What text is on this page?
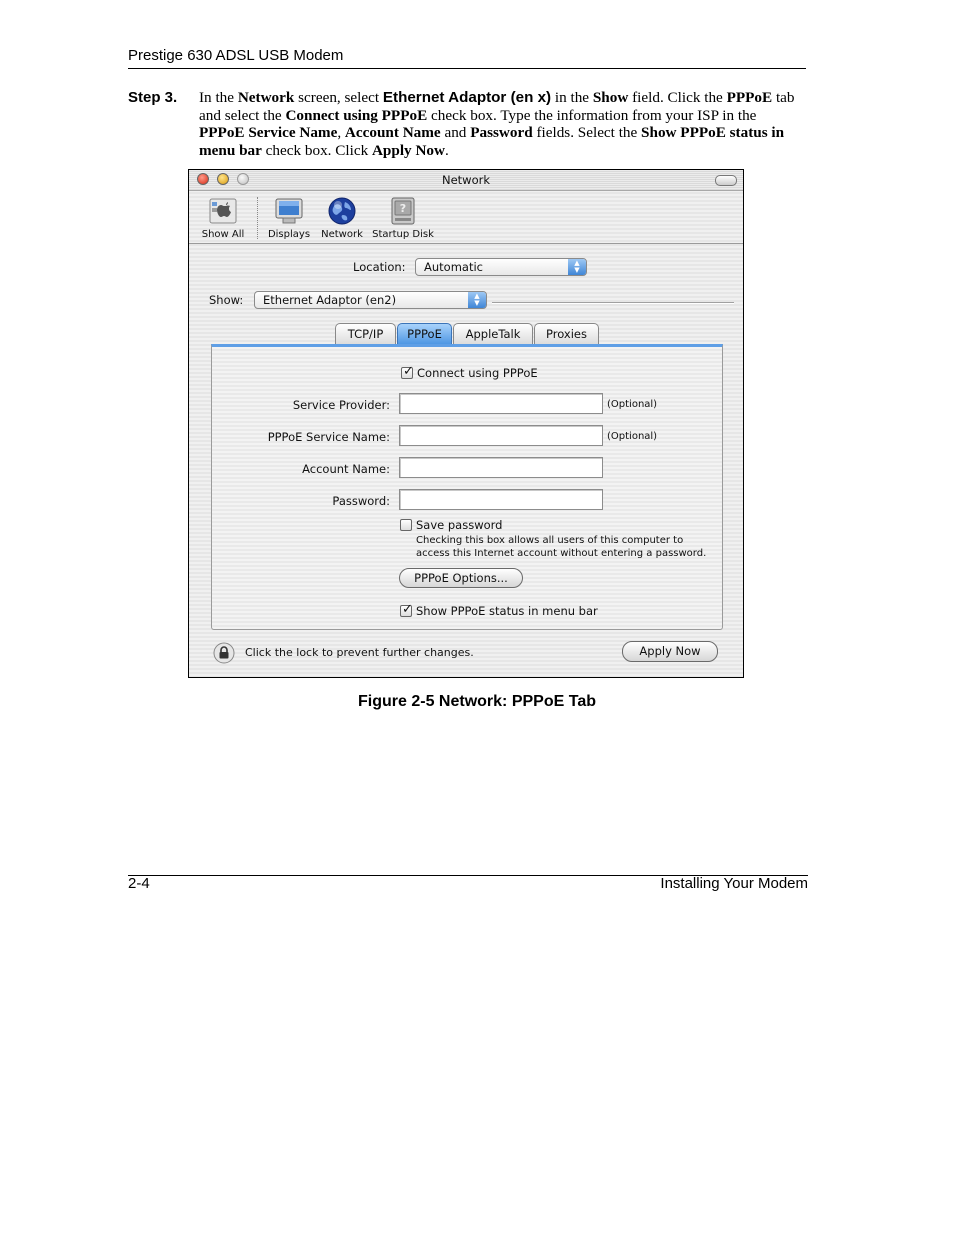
Prestige 630 ADSL USB Modem
Step 3. In the Network screen, select Ethernet Adaptor (en x) in the Show field. Click the PPPoE tab and select the Connect using PPPoE check box. Type the information from your ISP in the PPPoE Service Name, Account Name and Password fields. Select the Show PPPoE status in menu bar check box. Click Apply Now.
Network
Show All	Displays	Network
?
Startup Disk
Location:	Automatic	▲
▼
Show:	Ethernet Adaptor (en2)	▲
▼
TCP/IP	PPPoE	AppleTalk	Proxies
✓ Connect using PPPoE
Service Provider:	(Optional)
PPPoE Service Name:	(Optional)
Account Name:
Password:
Save password
Checking this box allows all users of this computer to
access this Internet account without entering a password.
PPPoE Options...
✓ Show PPPoE status in menu bar
Click the lock to prevent further changes.	Apply Now
Figure 2-5 Network: PPPoE Tab
2-4	Installing Your Modem
